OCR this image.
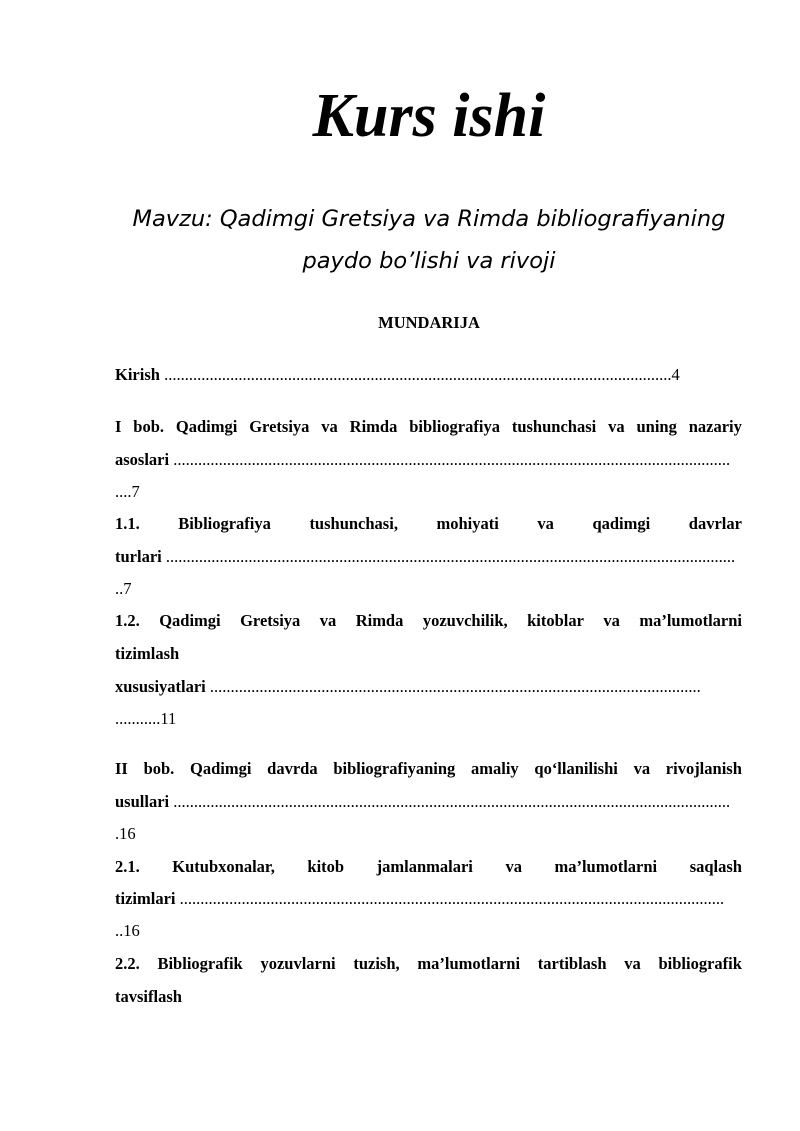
Kurs ishi
Mavzu: Qadimgi Gretsiya va Rimda bibliografiyaning
paydo bo’lishi va rivoji
MUNDARIJA
Kirish ...........................................................................................................................4
I bob. Qadimgi Gretsiya va Rimda bibliografiya tushunchasi va uning nazariy
asoslari .......................................................................................................................................
....7
1.1. Bibliografiya tushunchasi, mohiyati va qadimgi davrlar
turlari ..........................................................................................................................................
..7
1.2. Qadimgi Gretsiya va Rimda yozuvchilik, kitoblar va ma’lumotlarni
tizimlash
xususiyatlari .......................................................................................................................
...........11
II bob. Qadimgi davrda bibliografiyaning amaliy qo‘llanilishi va rivojlanish
usullari .......................................................................................................................................
.16
2.1. Kutubxonalar, kitob jamlanmalari va ma’lumotlarni saqlash
tizimlari ....................................................................................................................................
..16
2.2. Bibliografik yozuvlarni tuzish, ma’lumotlarni tartiblash va bibliografik
tavsiflash
